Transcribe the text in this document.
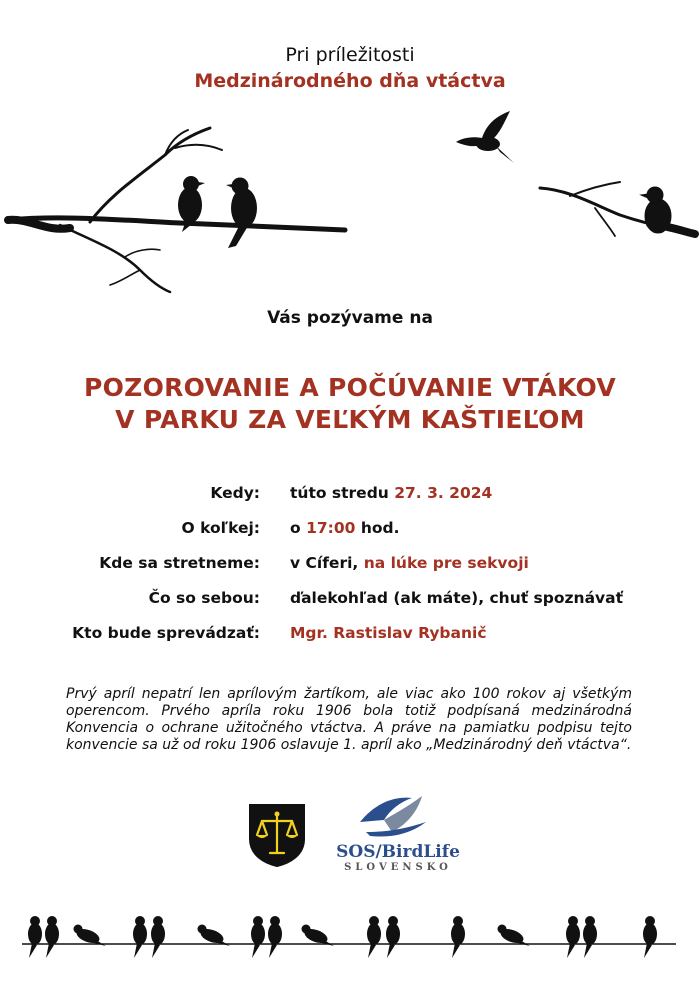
Pri príležitosti
Medzinárodného dňa vtáctva
Vás pozývame na
POZOROVANIE A POČÚVANIE VTÁKOV
V PARKU ZA VEĽKÝM KAŠTIEĽOM
Kedy: túto stredu 27. 3. 2024
O koľkej: o 17:00 hod.
Kde sa stretneme: v Cíferi, na lúke pre sekvoji
Čo so sebou: ďalekohľad (ak máte), chuť spoznávať
Kto bude sprevádzať: Mgr. Rastislav Rybanič

Prvý apríl nepatrí len aprílovým žartíkom, ale viac ako 100 rokov aj všetkým operencom. Prvého apríla roku 1906 bola totiž podpísaná medzinárodná Konvencia o ochrane užitočného vtáctva. A práve na pamiatku podpisu tejto konvencie sa už od roku 1906 oslavuje 1. apríl ako „Medzinárodný deň vtáctva“.

SOS/BirdLife
SLOVENSKO
